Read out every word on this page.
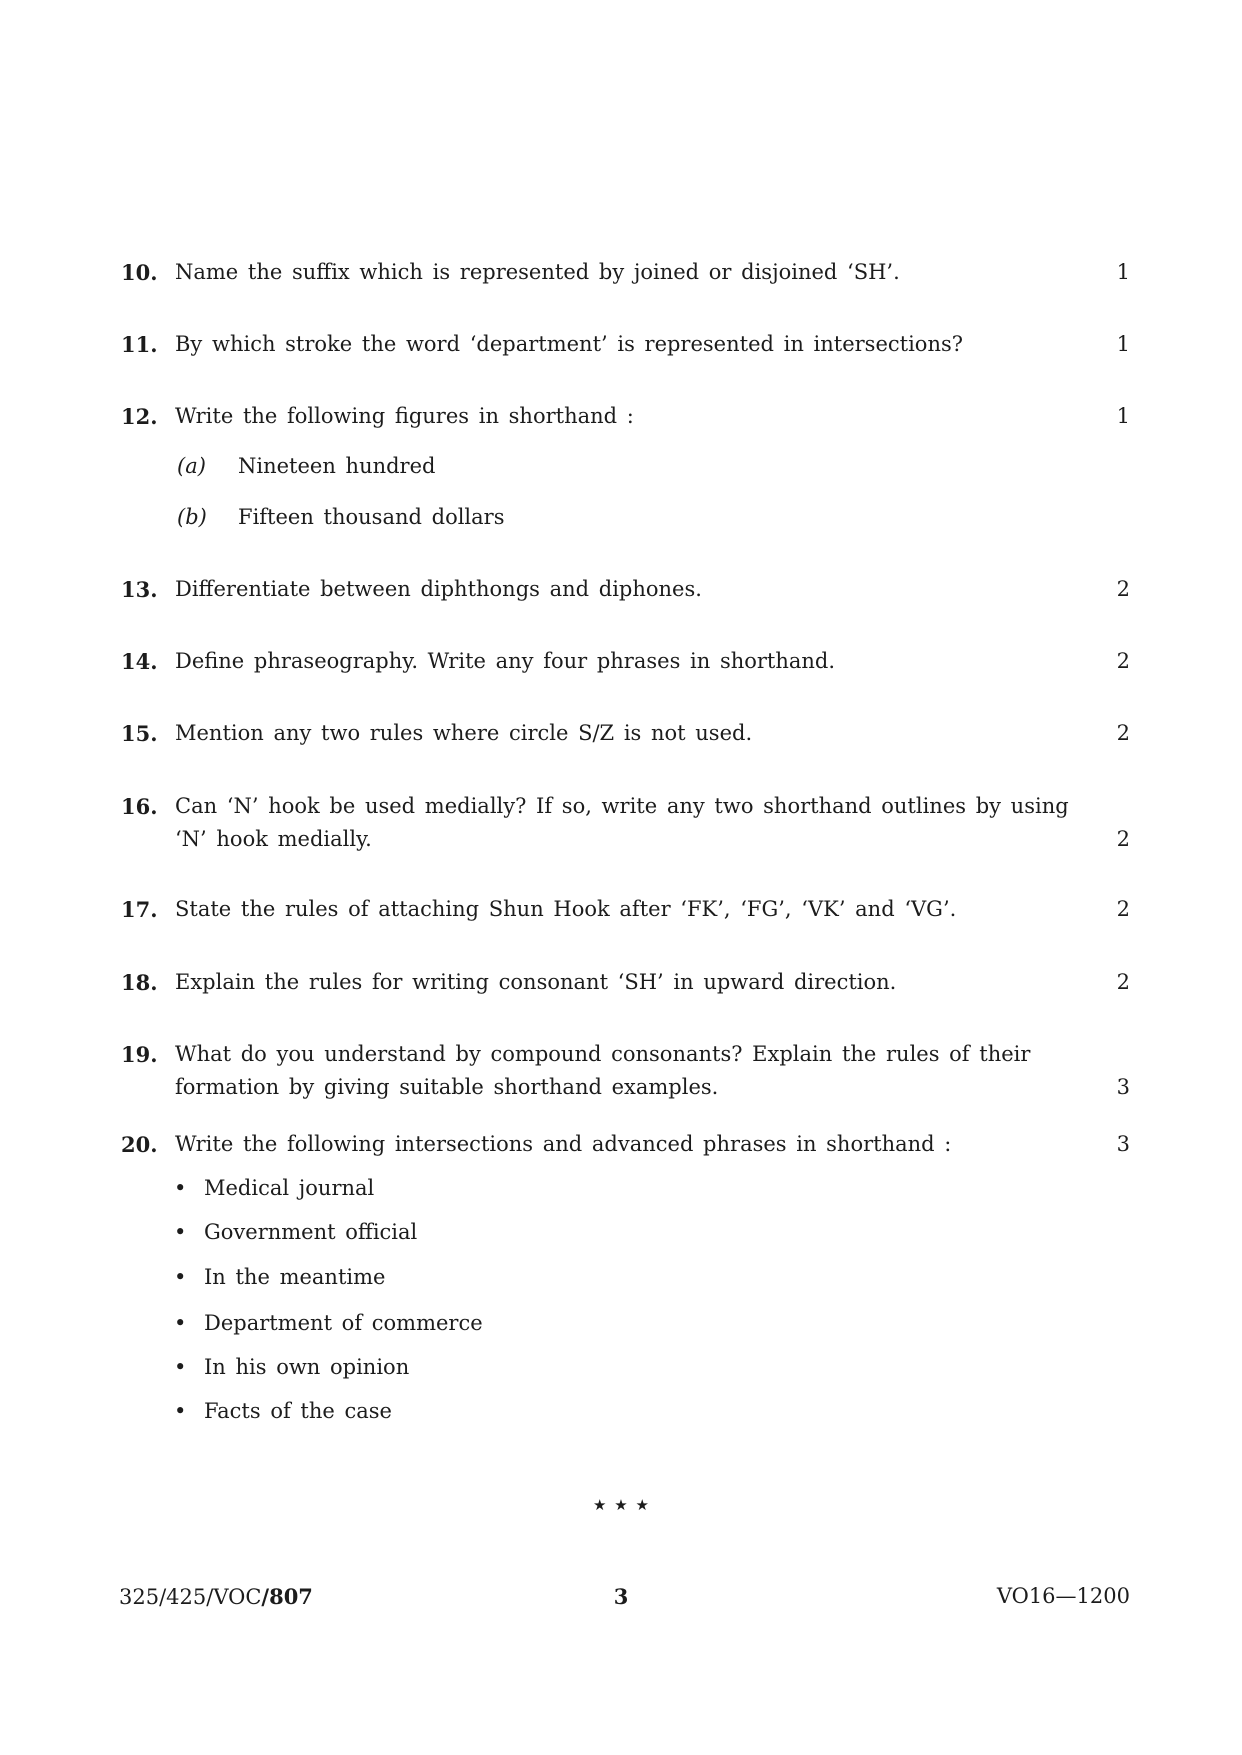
10. Name the suffix which is represented by joined or disjoined ‘SH’.	1
11. By which stroke the word ‘department’ is represented in intersections?	1
12. Write the following figures in shorthand :	1
(a) Nineteen hundred
(b) Fifteen thousand dollars
13. Differentiate between diphthongs and diphones.	2
14. Define phraseography. Write any four phrases in shorthand.	2
15. Mention any two rules where circle S/Z is not used.	2
16. Can ‘N’ hook be used medially? If so, write any two shorthand outlines by using
‘N’ hook medially.	2
17. State the rules of attaching Shun Hook after ‘FK’, ‘FG’, ‘VK’ and ‘VG’.	2
18. Explain the rules for writing consonant ‘SH’ in upward direction.	2
19. What do you understand by compound consonants? Explain the rules of their
formation by giving suitable shorthand examples.	3
20. Write the following intersections and advanced phrases in shorthand :	3
•Medical journal
•Government official
•In the meantime
•Department of commerce
•In his own opinion
•Facts of the case
★ ★ ★
325/425/VOC/807	3	VO16—1200
